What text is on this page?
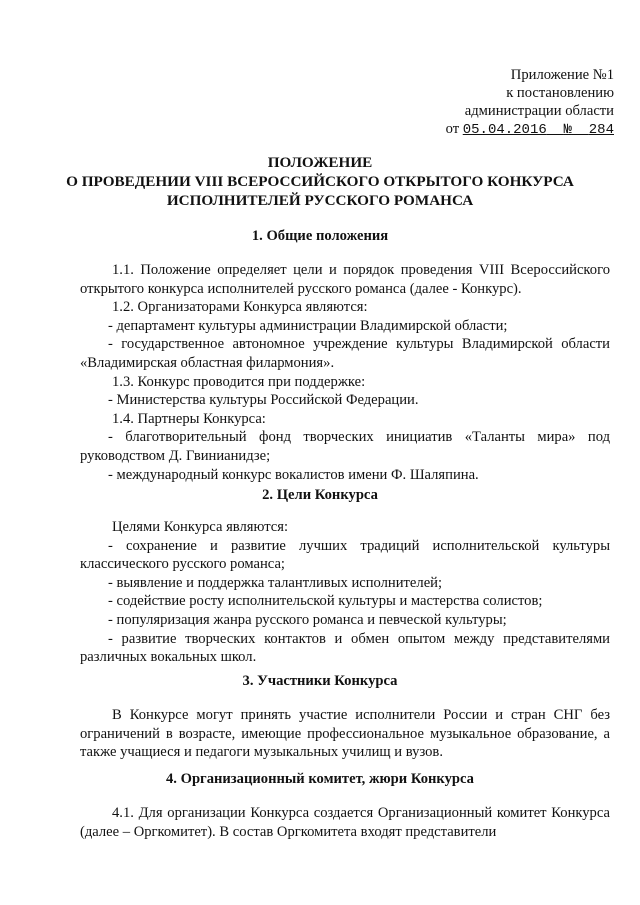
Приложение №1
к постановлению
администрации области
от 05.04.2016 № 284
ПОЛОЖЕНИЕ
О ПРОВЕДЕНИИ VIII ВСЕРОССИЙСКОГО ОТКРЫТОГО КОНКУРСА
ИСПОЛНИТЕЛЕЙ РУССКОГО РОМАНСА
1. Общие положения

1.1. Положение определяет цели и порядок проведения VIII Всероссийского открытого конкурса исполнителей русского романса (далее - Конкурс).

1.2. Организаторами Конкурса являются:

- департамент культуры администрации Владимирской области;

- государственное автономное учреждение культуры Владимирской области «Владимирская областная филармония».

1.3. Конкурс проводится при поддержке:

- Министерства культуры Российской Федерации.

1.4. Партнеры Конкурса:

- благотворительный фонд творческих инициатив «Таланты мира» под руководством Д. Гвинианидзе;

- международный конкурс вокалистов имени Ф. Шаляпина.

2. Цели Конкурса

Целями Конкурса являются:

- сохранение и развитие лучших традиций исполнительской культуры классического русского романса;

- выявление и поддержка талантливых исполнителей;

- содействие росту исполнительской культуры и мастерства солистов;

- популяризация жанра русского романса и певческой культуры;

- развитие творческих контактов и обмен опытом между представителями различных вокальных школ.

3. Участники Конкурса

В Конкурсе могут принять участие исполнители России и стран СНГ без ограничений в возрасте, имеющие профессиональное музыкальное образование, а также учащиеся и педагоги музыкальных училищ и вузов.

4. Организационный комитет, жюри Конкурса

4.1. Для организации Конкурса создается Организационный комитет Конкурса (далее – Оргкомитет). В состав Оргкомитета входят представители
